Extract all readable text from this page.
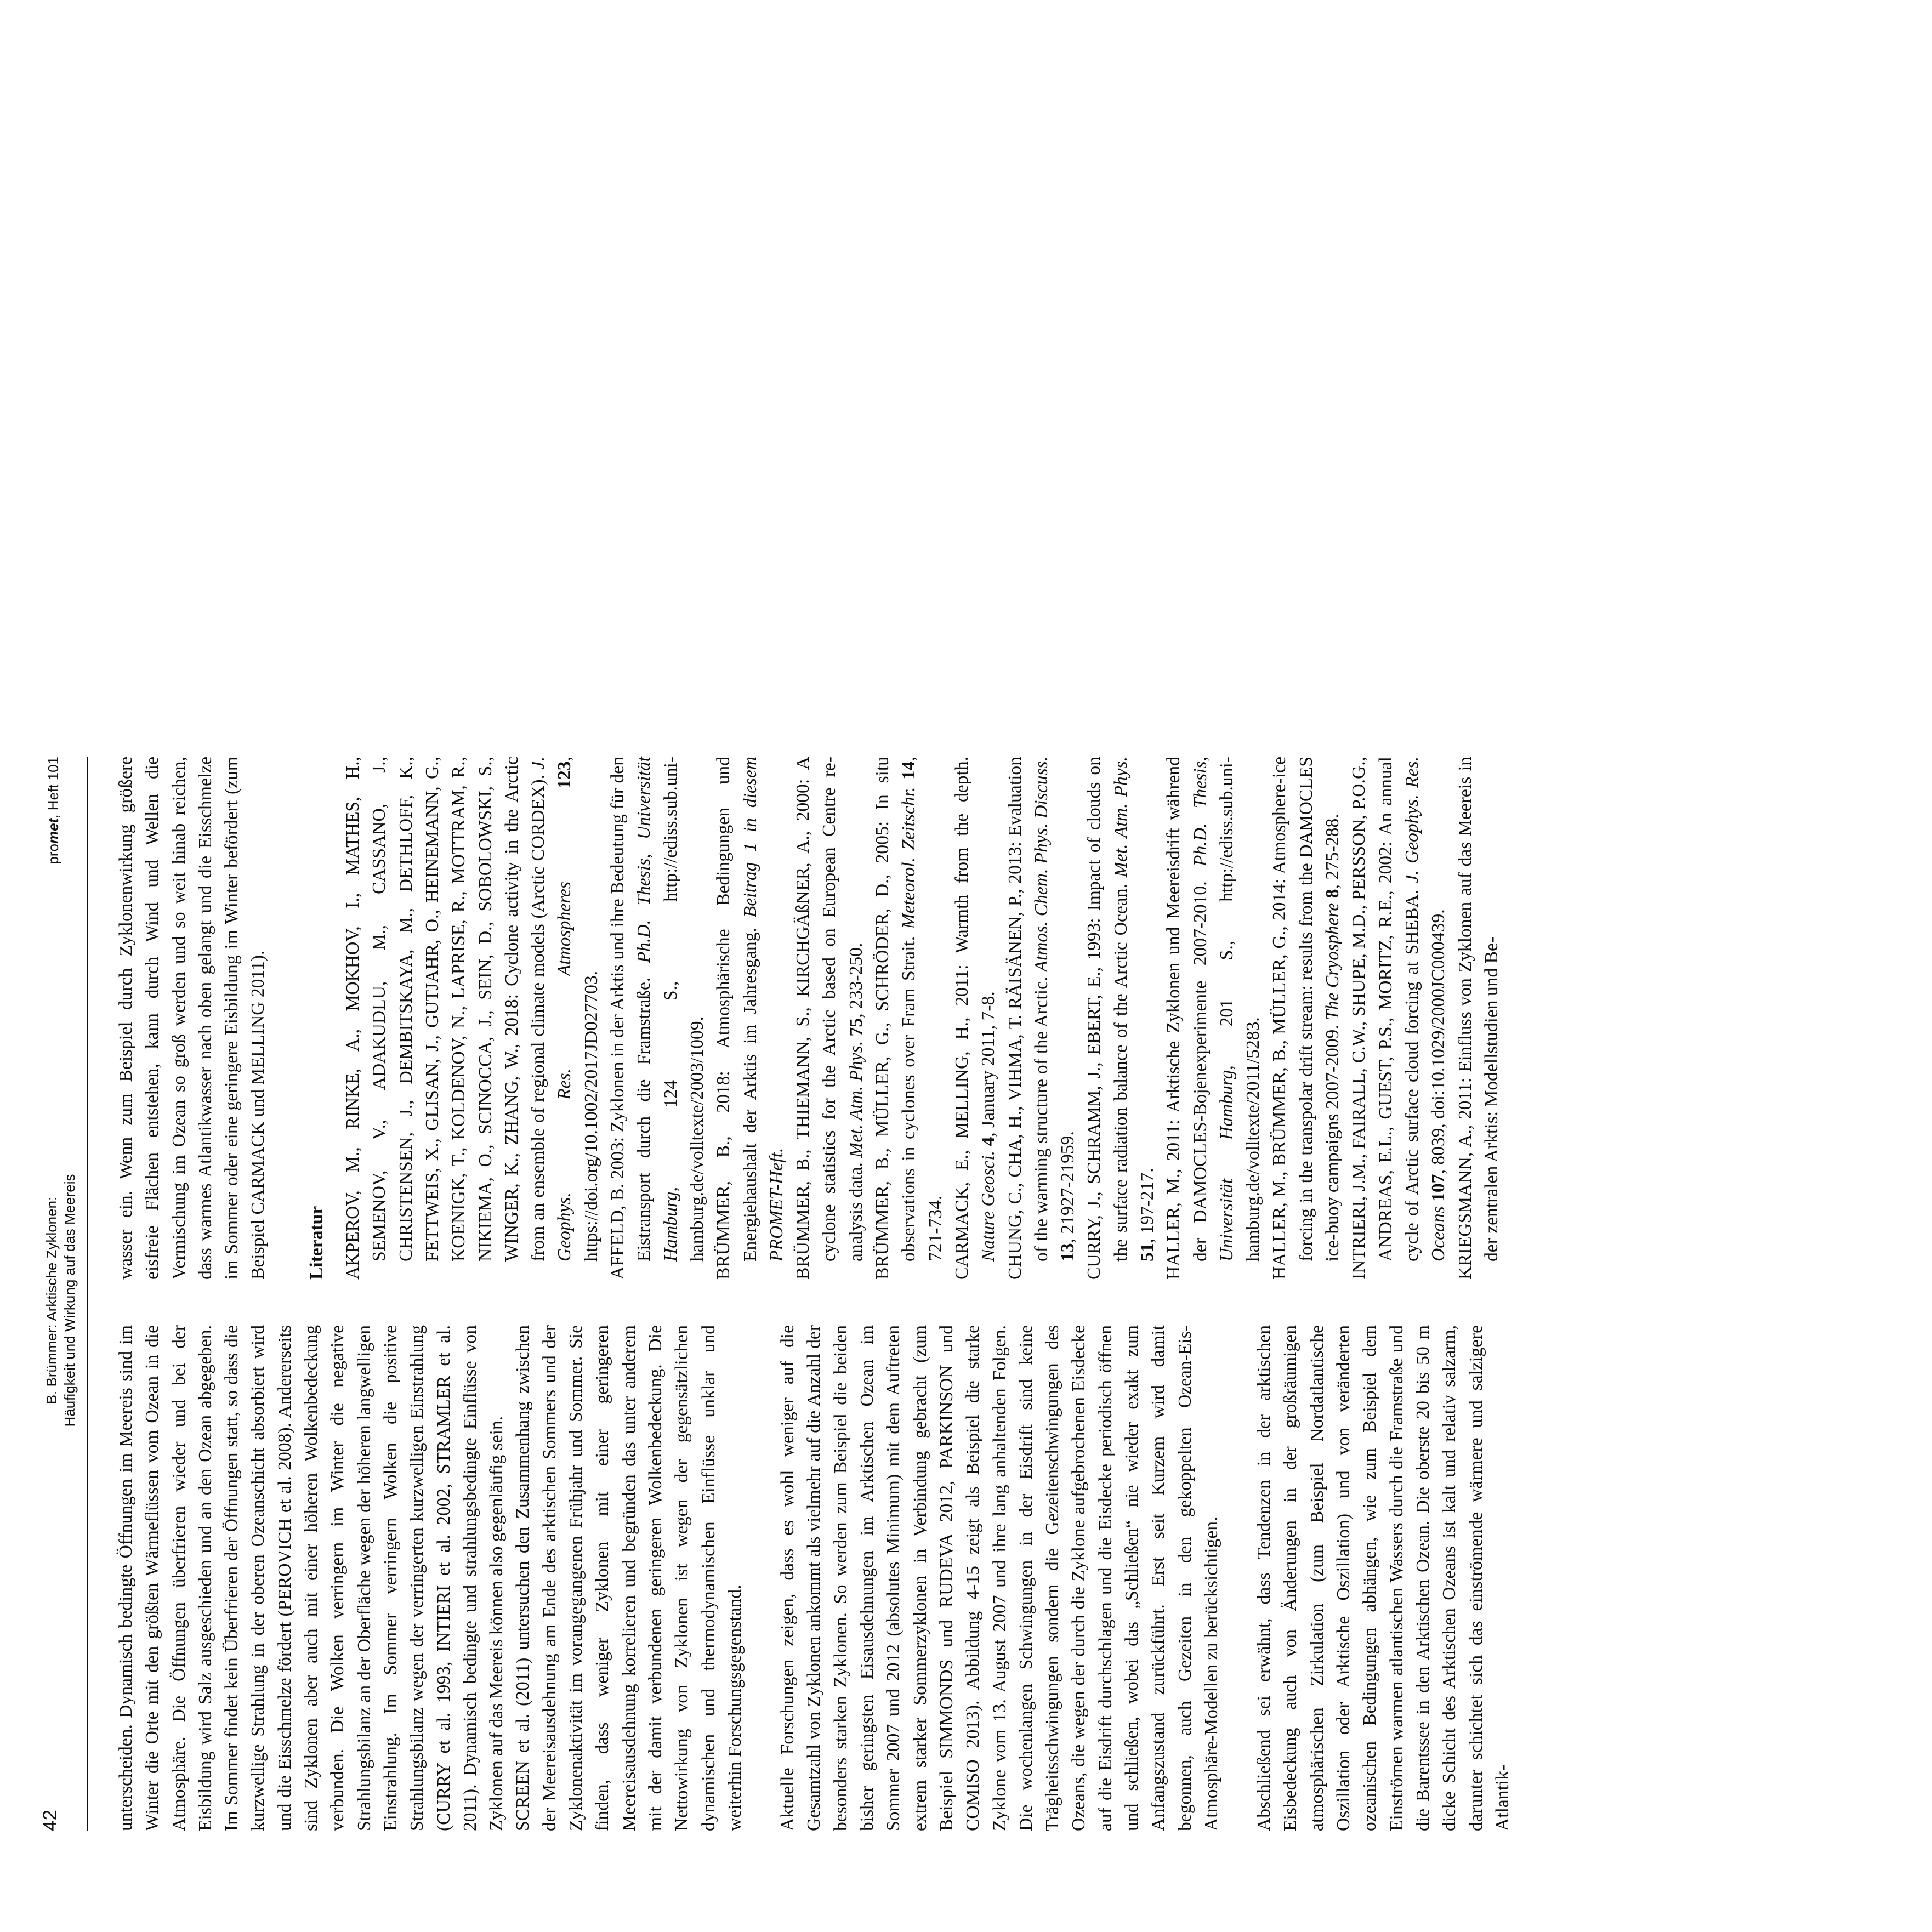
42
B. Brümmer: Arktische Zyklonen: Häufigkeit und Wirkung auf das Meereis
promet, Heft 101

unterscheiden. Dynamisch bedingte Öffnungen im Meereis sind im Winter die Orte mit den größten Wärmeflüssen vom Ozean in die Atmosphäre. Die Öffnungen überfrieren wieder und bei der Eisbildung wird Salz ausgeschieden und an den Ozean abgegeben. Im Sommer findet kein Überfrieren der Öffnungen statt, so dass die kurzwellige Strahlung in der oberen Ozeanschicht absorbiert wird und die Eisschmelze fördert (PEROVICH et al. 2008). Andererseits sind Zyklonen aber auch mit einer höheren Wolkenbedeckung verbunden. Die Wolken verringern im Winter die negative Strahlungsbilanz an der Oberfläche wegen der höheren langwelligen Einstrahlung. Im Sommer verringern Wolken die positive Strahlungsbilanz wegen der verringerten kurzwelligen Einstrahlung (CURRY et al. 1993, INTIERI et al. 2002, STRAMLER et al. 2011). Dynamisch bedingte und strahlungsbedingte Einflüsse von Zyklonen auf das Meereis können also gegenläufig sein. SCREEN et al. (2011) untersuchen den Zusammenhang zwischen der Meereisausdehnung am Ende des arktischen Sommers und der Zyklonenaktivität im vorangegangenen Frühjahr und Sommer. Sie finden, dass weniger Zyklonen mit einer geringeren Meereisausdehnung korrelieren und begründen das unter anderem mit der damit verbundenen geringeren Wolkenbedeckung. Die Nettowirkung von Zyklonen ist wegen der gegensätzlichen dynamischen und thermodynamischen Einflüsse unklar und weiterhin Forschungsgegenstand. Aktuelle Forschungen zeigen, dass es wohl weniger auf die Gesamtzahl von Zyklonen ankommt als vielmehr auf die Anzahl der besonders starken Zyklonen. So werden zum Beispiel die beiden bisher geringsten Eisausdehnungen im Arktischen Ozean im Sommer 2007 und 2012 (absolutes Minimum) mit dem Auftreten extrem starker Sommerzyklonen in Verbindung gebracht (zum Beispiel SIMMONDS und RUDEVA 2012, PARKINSON und COMISO 2013). Abbildung 4-15 zeigt als Beispiel die starke Zyklone vom 13. August 2007 und ihre lang anhaltenden Folgen. Die wochenlangen Schwingungen in der Eisdrift sind keine Trägheitsschwingungen sondern die Gezeitenschwingungen des Ozeans, die wegen der durch die Zyklone aufgebrochenen Eisdecke auf die Eisdrift durchschlagen und die Eisdecke periodisch öffnen und schließen, wobei das „Schließen“ nie wieder exakt zum Anfangszustand zurückführt. Erst seit Kurzem wird damit begonnen, auch Gezeiten in den gekoppelten Ozean-Eis-Atmosphäre-Modellen zu berücksichtigen. Abschließend sei erwähnt, dass Tendenzen in der arktischen Eisbedeckung auch von Änderungen in der großräumigen atmosphärischen Zirkulation (zum Beispiel Nordatlantische Oszillation oder Arktische Oszillation) und von veränderten ozeanischen Bedingungen abhängen, wie zum Beispiel dem Einströmen warmen atlantischen Wassers durch die Framstraße und die Barentssee in den Arktischen Ozean. Die oberste 20 bis 50 m dicke Schicht des Arktischen Ozeans ist kalt und relativ salzarm, darunter schichtet sich das einströmende wärmere und salzigere Atlantik-

wasser ein. Wenn zum Beispiel durch Zyklonenwirkung größere eisfreie Flächen entstehen, kann durch Wind und Wellen die Vermischung im Ozean so groß werden und so weit hinab reichen, dass warmes Atlantikwasser nach oben gelangt und die Eisschmelze im Sommer oder eine geringere Eisbildung im Winter befördert (zum Beispiel CARMACK und MELLING 2011). Literatur AKPEROV, M., RINKE, A., MOKHOV, I., MATHES, H., SEMENOV, V., ADAKUDLU, M., CASSANO, J., CHRISTENSEN, J., DEMBITSKAYA, M., DETHLOFF, K., FETTWEIS, X., GLISAN, J., GUTJAHR, O., HEINEMANN, G., KOENIGK, T., KOLDENOV, N., LAPRISE, R., MOTTRAM, R., NIKIEMA, O., SCINOCCA, J., SEIN, D., SOBOLOWSKI, S., WINGER, K., ZHANG, W., 2018: Cyclone activity in the Arctic from an ensemble of regional climate models (Arctic CORDEX). J. Geophys. Res. Atmospheres 123, https://doi.org/10.1002/2017JD027703. AFFELD, B. 2003: Zyklonen in der Arktis und ihre Bedeutung für den Eistransport durch die Framstraße. Ph.D. Thesis, Universität Hamburg, 124 S., http://ediss.sub.uni-hamburg.de/volltexte/2003/1009. BRÜMMER, B., 2018: Atmosphärische Bedingungen und Energiehaushalt der Arktis im Jahresgang. Beitrag 1 in diesem PROMET-Heft. BRÜMMER, B., THIEMANN, S., KIRCHGÄßNER, A., 2000: A cyclone statistics for the Arctic based on European Centre re-analysis data. Met. Atm. Phys. 75, 233-250. BRÜMMER, B., MÜLLER, G., SCHRÖDER, D., 2005: In situ observations in cyclones over Fram Strait. Meteorol. Zeitschr. 14, 721-734. CARMACK, E., MELLING, H., 2011: Warmth from the depth. Nature Geosci. 4, January 2011, 7-8. CHUNG, C., CHA, H., VIHMA, T. RÄISÄNEN, P., 2013: Evaluation of the warming structure of the Arctic. Atmos. Chem. Phys. Discuss. 13, 21927-21959. CURRY, J., SCHRAMM, J., EBERT, E., 1993: Impact of clouds on the surface radiation balance of the Arctic Ocean. Met. Atm. Phys. 51, 197-217. HALLER, M., 2011: Arktische Zyklonen und Meereisdrift während der DAMOCLES-Bojenexperimente 2007-2010. Ph.D. Thesis, Universität Hamburg, 201 S., http://ediss.sub.uni-hamburg.de/volltexte/2011/5283. HALLER, M., BRÜMMER, B., MÜLLER, G., 2014: Atmosphere-ice forcing in the transpolar drift stream: results from the DAMOCLES ice-buoy campaigns 2007-2009. The Cryosphere 8, 275-288. INTRIERI, J.M., FAIRALL, C.W., SHUPE, M.D., PERSSON, P.O.G., ANDREAS, E.L., GUEST, P.S., MORITZ, R.E., 2002: An annual cycle of Arctic surface cloud forcing at SHEBA. J. Geophys. Res. Oceans 107, 8039, doi:10.1029/2000JC000439. KRIEGSMANN, A., 2011: Einfluss von Zyklonen auf das Meereis in der zentralen Arktis: Modellstudien und Be-
